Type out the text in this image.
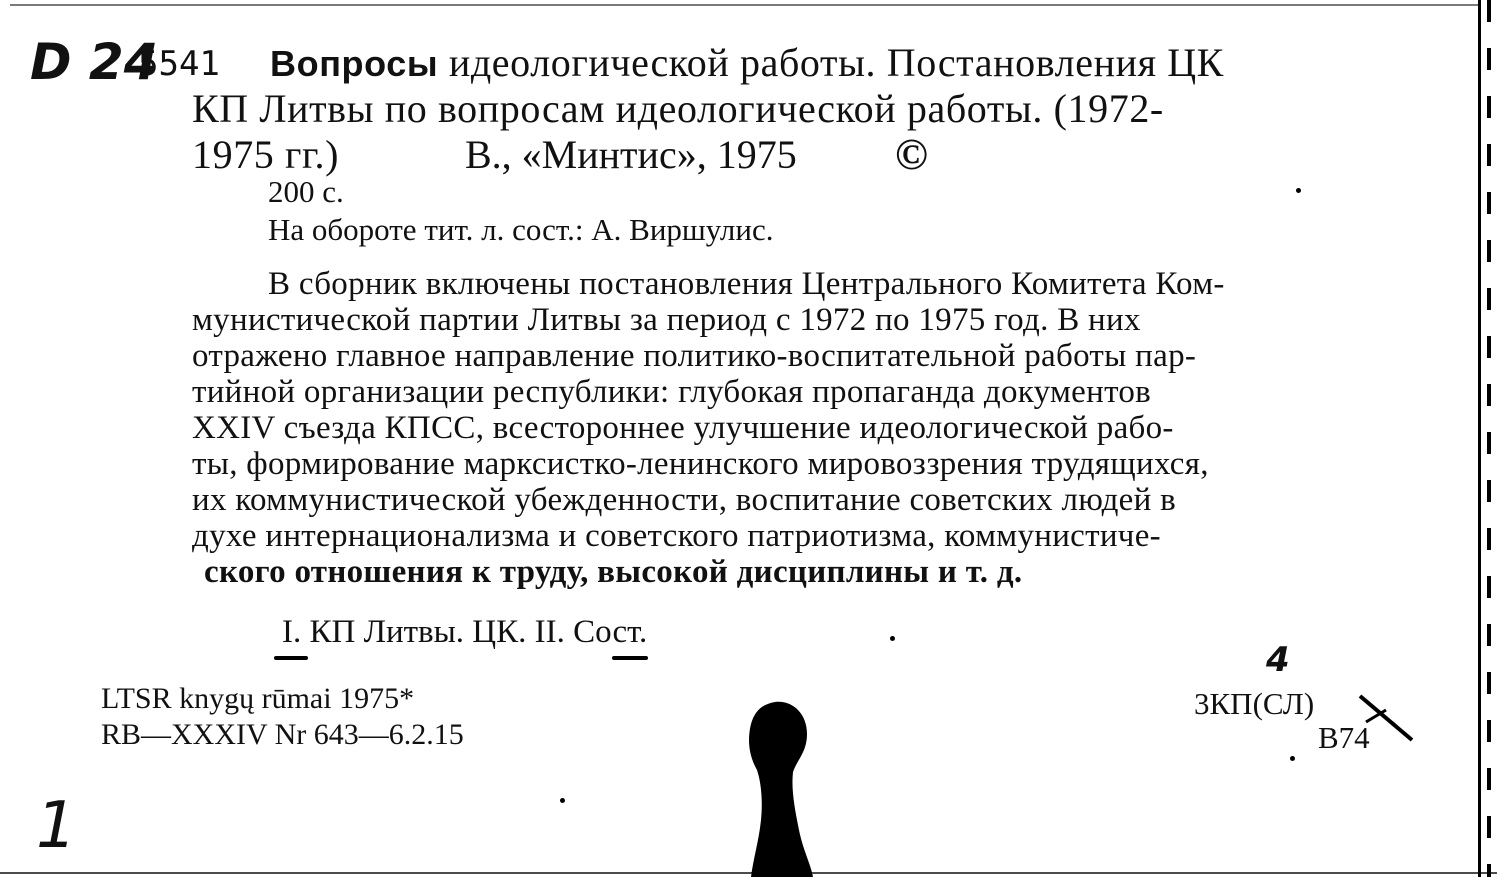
D 24
5541 Вопросы идеологической работы. Постановления ЦК
КП Литвы по вопросам идеологической работы. (1972-
1975 гг.)	В., «Минтис», 1975 ©
200 с.
На обороте тит. л. сост.: А. Виршулис.
В сборник включены постановления Центрального Комитета Ком-
мунистической партии Литвы за период с 1972 по 1975 год. В них
отражено главное направление политико-воспитательной работы пар-
тийной организации республики: глубокая пропаганда документов
XXIV съезда КПСС, всестороннее улучшение идеологической рабо-
ты, формирование марксистко-ленинского мировоззрения трудящихся,
их коммунистической убежденности, воспитание советских людей в
духе интернационализма и советского патриотизма, коммунистиче-
ского отношения к труду, высокой дисциплины и т. д.
I. КП Литвы. ЦК. II. Сост.
LTSR knygų rūmai 1975*
RB—XXXIV Nr 643—6.2.15
4
3КП(СЛ)
В74
1
